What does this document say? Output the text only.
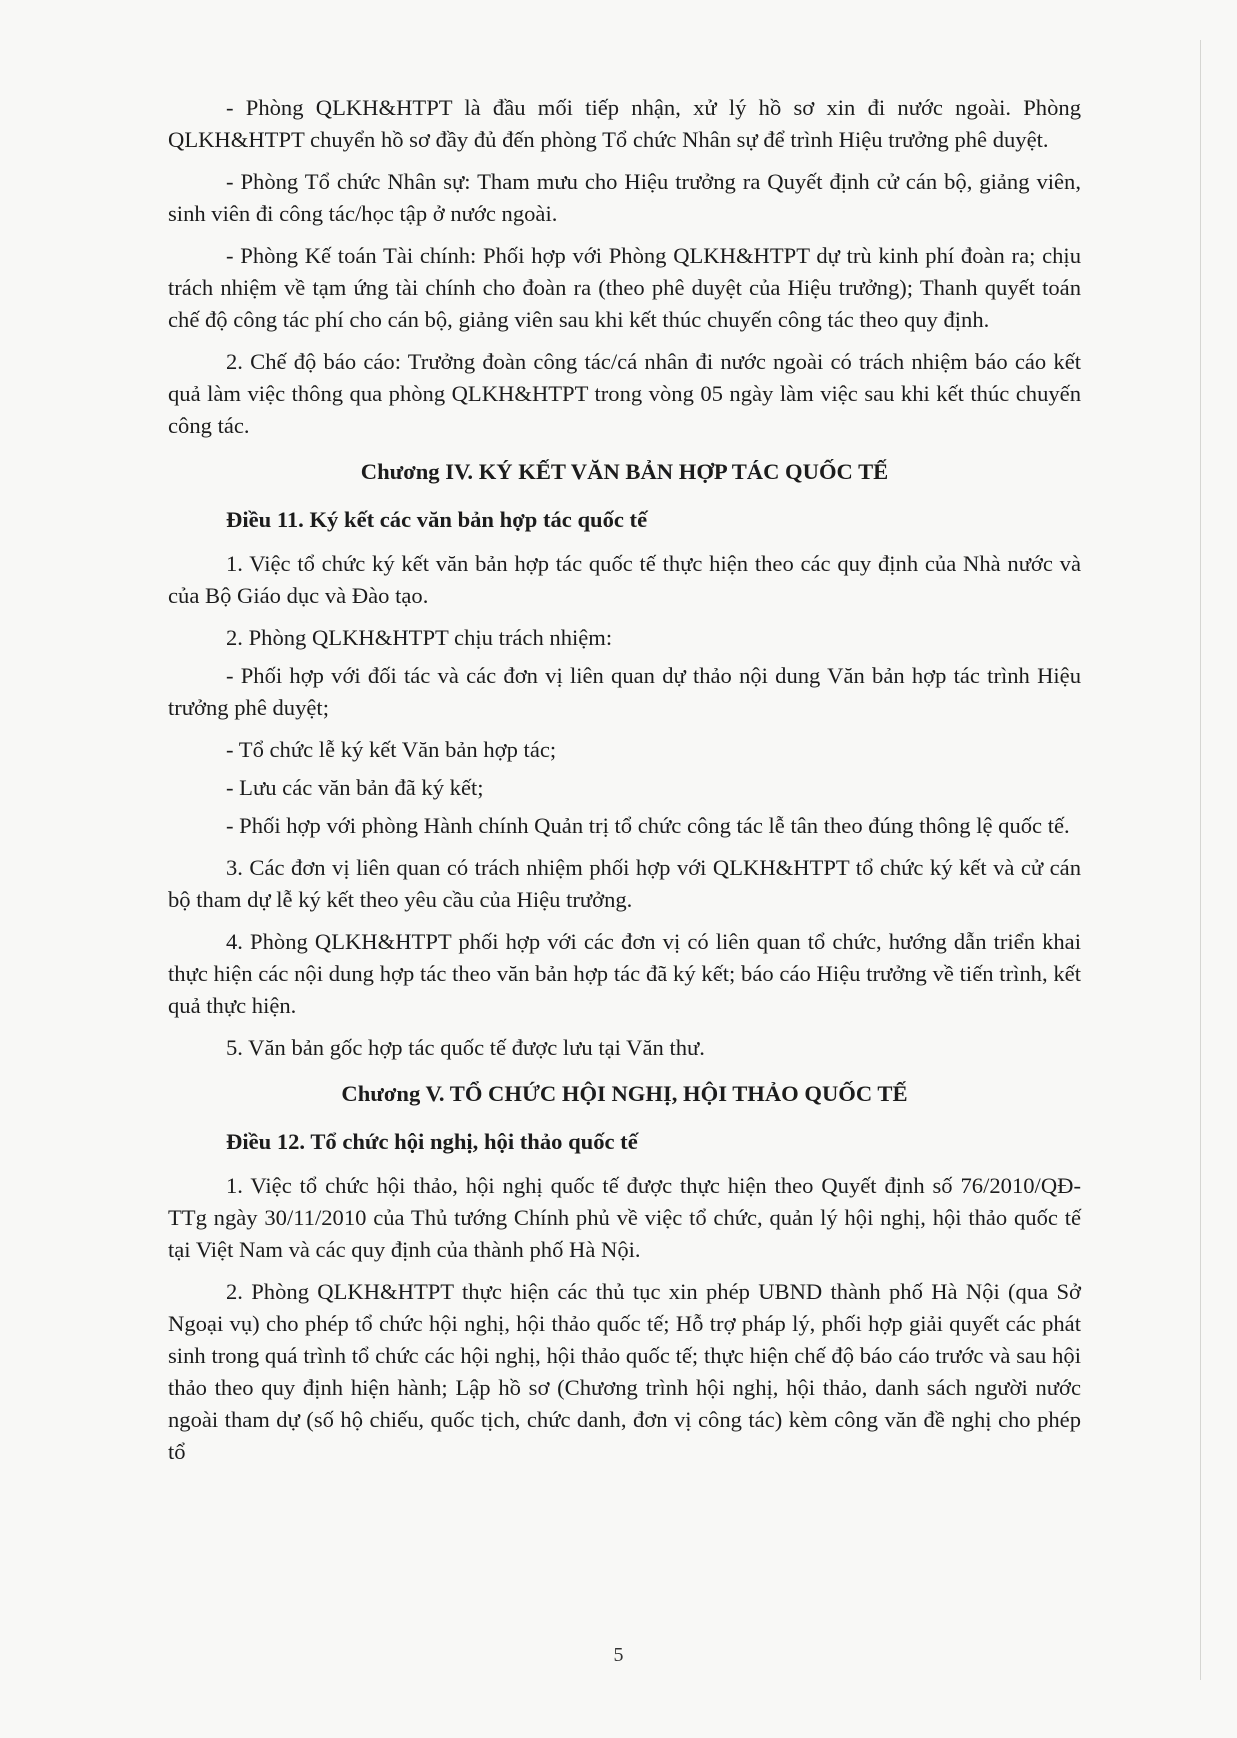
- Phòng QLKH&HTPT là đầu mối tiếp nhận, xử lý hồ sơ xin đi nước ngoài. Phòng QLKH&HTPT chuyển hồ sơ đầy đủ đến phòng Tổ chức Nhân sự để trình Hiệu trưởng phê duyệt.

- Phòng Tổ chức Nhân sự: Tham mưu cho Hiệu trưởng ra Quyết định cử cán bộ, giảng viên, sinh viên đi công tác/học tập ở nước ngoài.

- Phòng Kế toán Tài chính: Phối hợp với Phòng QLKH&HTPT dự trù kinh phí đoàn ra; chịu trách nhiệm về tạm ứng tài chính cho đoàn ra (theo phê duyệt của Hiệu trưởng); Thanh quyết toán chế độ công tác phí cho cán bộ, giảng viên sau khi kết thúc chuyến công tác theo quy định.

2. Chế độ báo cáo: Trưởng đoàn công tác/cá nhân đi nước ngoài có trách nhiệm báo cáo kết quả làm việc thông qua phòng QLKH&HTPT trong vòng 05 ngày làm việc sau khi kết thúc chuyến công tác.

Chương IV. KÝ KẾT VĂN BẢN HỢP TÁC QUỐC TẾ
Điều 11. Ký kết các văn bản hợp tác quốc tế

1. Việc tổ chức ký kết văn bản hợp tác quốc tế thực hiện theo các quy định của Nhà nước và của Bộ Giáo dục và Đào tạo.

2. Phòng QLKH&HTPT chịu trách nhiệm:

- Phối hợp với đối tác và các đơn vị liên quan dự thảo nội dung Văn bản hợp tác trình Hiệu trưởng phê duyệt;

- Tổ chức lễ ký kết Văn bản hợp tác;

- Lưu các văn bản đã ký kết;

- Phối hợp với phòng Hành chính Quản trị tổ chức công tác lễ tân theo đúng thông lệ quốc tế.

3. Các đơn vị liên quan có trách nhiệm phối hợp với QLKH&HTPT tổ chức ký kết và cử cán bộ tham dự lễ ký kết theo yêu cầu của Hiệu trưởng.

4. Phòng QLKH&HTPT phối hợp với các đơn vị có liên quan tổ chức, hướng dẫn triển khai thực hiện các nội dung hợp tác theo văn bản hợp tác đã ký kết; báo cáo Hiệu trưởng về tiến trình, kết quả thực hiện.

5. Văn bản gốc hợp tác quốc tế được lưu tại Văn thư.

Chương V. TỔ CHỨC HỘI NGHỊ, HỘI THẢO QUỐC TẾ
Điều 12. Tổ chức hội nghị, hội thảo quốc tế

1. Việc tổ chức hội thảo, hội nghị quốc tế được thực hiện theo Quyết định số 76/2010/QĐ-TTg ngày 30/11/2010 của Thủ tướng Chính phủ về việc tổ chức, quản lý hội nghị, hội thảo quốc tế tại Việt Nam và các quy định của thành phố Hà Nội.

2. Phòng QLKH&HTPT thực hiện các thủ tục xin phép UBND thành phố Hà Nội (qua Sở Ngoại vụ) cho phép tổ chức hội nghị, hội thảo quốc tế; Hỗ trợ pháp lý, phối hợp giải quyết các phát sinh trong quá trình tổ chức các hội nghị, hội thảo quốc tế; thực hiện chế độ báo cáo trước và sau hội thảo theo quy định hiện hành; Lập hồ sơ (Chương trình hội nghị, hội thảo, danh sách người nước ngoài tham dự (số hộ chiếu, quốc tịch, chức danh, đơn vị công tác) kèm công văn đề nghị cho phép tổ

5
